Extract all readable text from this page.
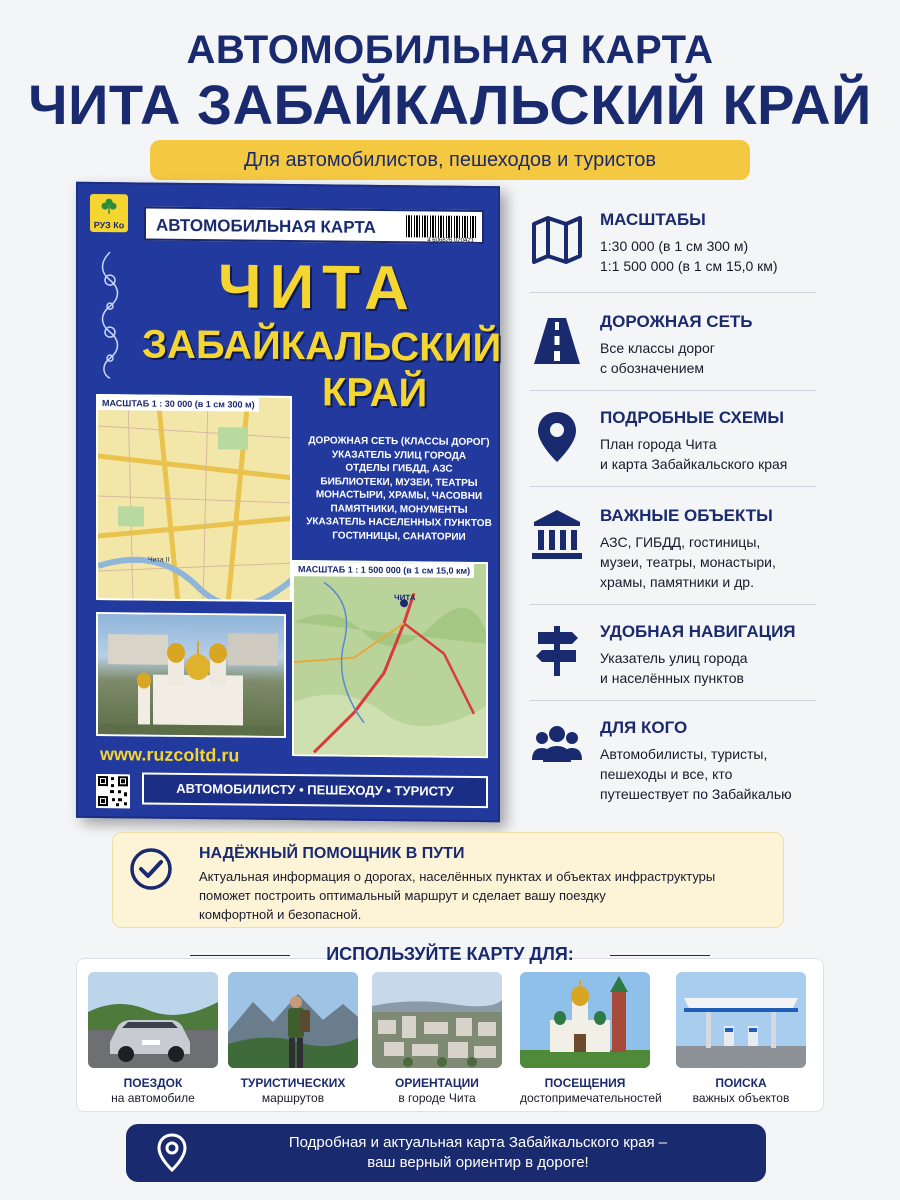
АВТОМОБИЛЬНАЯ КАРТА
ЧИТА ЗАБАЙКАЛЬСКИЙ КРАЙ
Для автомобилистов, пешеходов и туристов
РУЗ Ко АВТОМОБИЛЬНАЯ КАРТА
4 606826 020421
ЧИТА
ЗАБАЙКАЛЬСКИЙ
КРАЙ
МАСШТАБ 1 : 30 000 (в 1 см 300 м)
Чита II
ДОРОЖНАЯ СЕТЬ (КЛАССЫ ДОРОГ)
УКАЗАТЕЛЬ УЛИЦ ГОРОДА
ОТДЕЛЫ ГИБДД, АЗС
БИБЛИОТЕКИ, МУЗЕИ, ТЕАТРЫ
МОНАСТЫРИ, ХРАМЫ, ЧАСОВНИ
ПАМЯТНИКИ, МОНУМЕНТЫ
УКАЗАТЕЛЬ НАСЕЛЕННЫХ ПУНКТОВ
ГОСТИНИЦЫ, САНАТОРИИ
МАСШТАБ 1 : 1 500 000 (в 1 см 15,0 км)
ЧИТА
www.ruzcoltd.ru
АВТОМОБИЛИСТУ • ПЕШЕХОДУ • ТУРИСТУ
МАСШТАБЫ
1:30 000 (в 1 см 300 м)
1:1 500 000 (в 1 см 15,0 км)
ДОРОЖНАЯ СЕТЬ
Все классы дорог
с обозначением
ПОДРОБНЫЕ СХЕМЫ
План города Чита
и карта Забайкальского края
ВАЖНЫЕ ОБЪЕКТЫ
АЗС, ГИБДД, гостиницы,
музеи, театры, монастыри,
храмы, памятники и др.
УДОБНАЯ НАВИГАЦИЯ
Указатель улиц города
и населённых пунктов
ДЛЯ КОГО
Автомобилисты, туристы,
пешеходы и все, кто
путешествует по Забайкалью
НАДЁЖНЫЙ ПОМОЩНИК В ПУТИ
Актуальная информация о дорогах, населённых пунктах и объектах инфраструктуры
поможет построить оптимальный маршрут и сделает вашу поездку
комфортной и безопасной.
ИСПОЛЬЗУЙТЕ КАРТУ ДЛЯ:
ПОЕЗДОК
на автомобиле
ТУРИСТИЧЕСКИХ
маршрутов
ОРИЕНТАЦИИ
в городе Чита
ПОСЕЩЕНИЯ
достопримечательностей
ПОИСКА
важных объектов
Подробная и актуальная карта Забайкальского края –
ваш верный ориентир в дороге!
